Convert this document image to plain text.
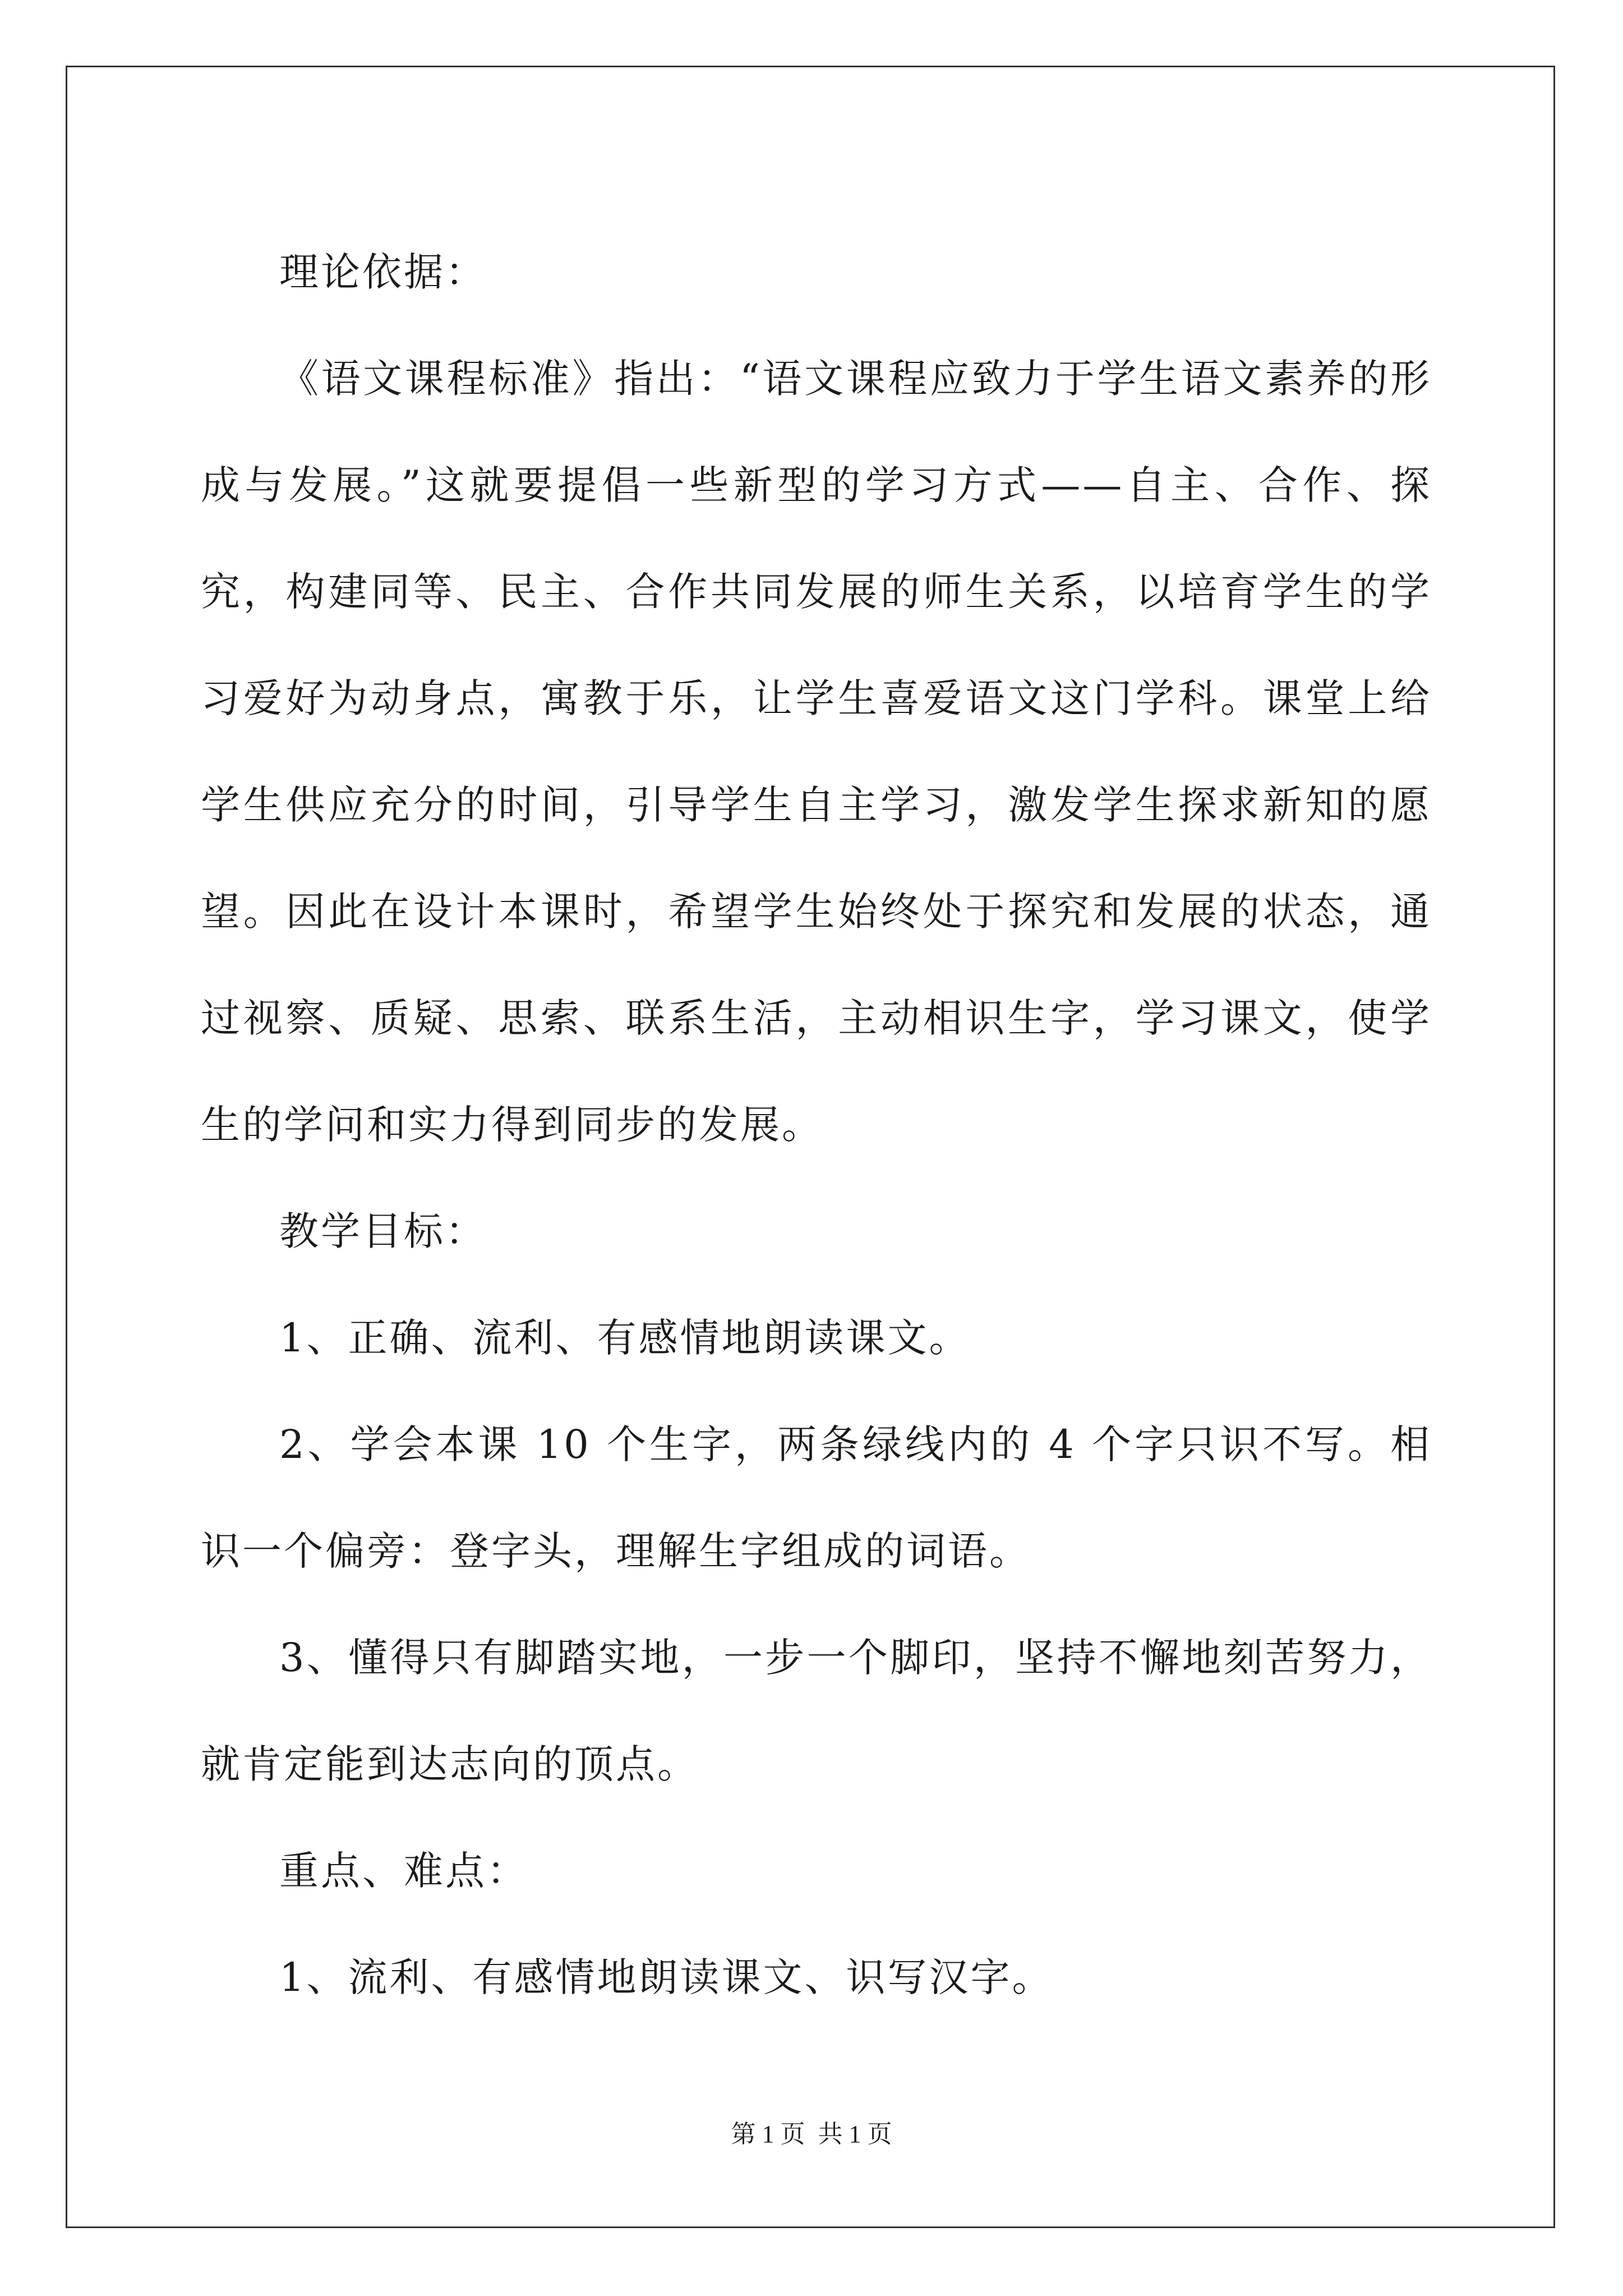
理论依据：

《语文课程标准》指出：“语文课程应致力于学生语文素养的形成与发展。”这就要提倡一些新型的学习方式——自主、合作、探究，构建同等、民主、合作共同发展的师生关系，以培育学生的学习爱好为动身点，寓教于乐，让学生喜爱语文这门学科。课堂上给学生供应充分的时间，引导学生自主学习，激发学生探求新知的愿望。因此在设计本课时，希望学生始终处于探究和发展的状态，通过视察、质疑、思索、联系生活，主动相识生字，学习课文，使学生的学问和实力得到同步的发展。

教学目标：

1、正确、流利、有感情地朗读课文。

2、学会本课 10 个生字，两条绿线内的 4 个字只识不写。相识一个偏旁：登字头，理解生字组成的词语。

3、懂得只有脚踏实地，一步一个脚印，坚持不懈地刻苦努力，就肯定能到达志向的顶点。

重点、难点：

1、流利、有感情地朗读课文、识写汉字。

第 1 页 共 1 页
